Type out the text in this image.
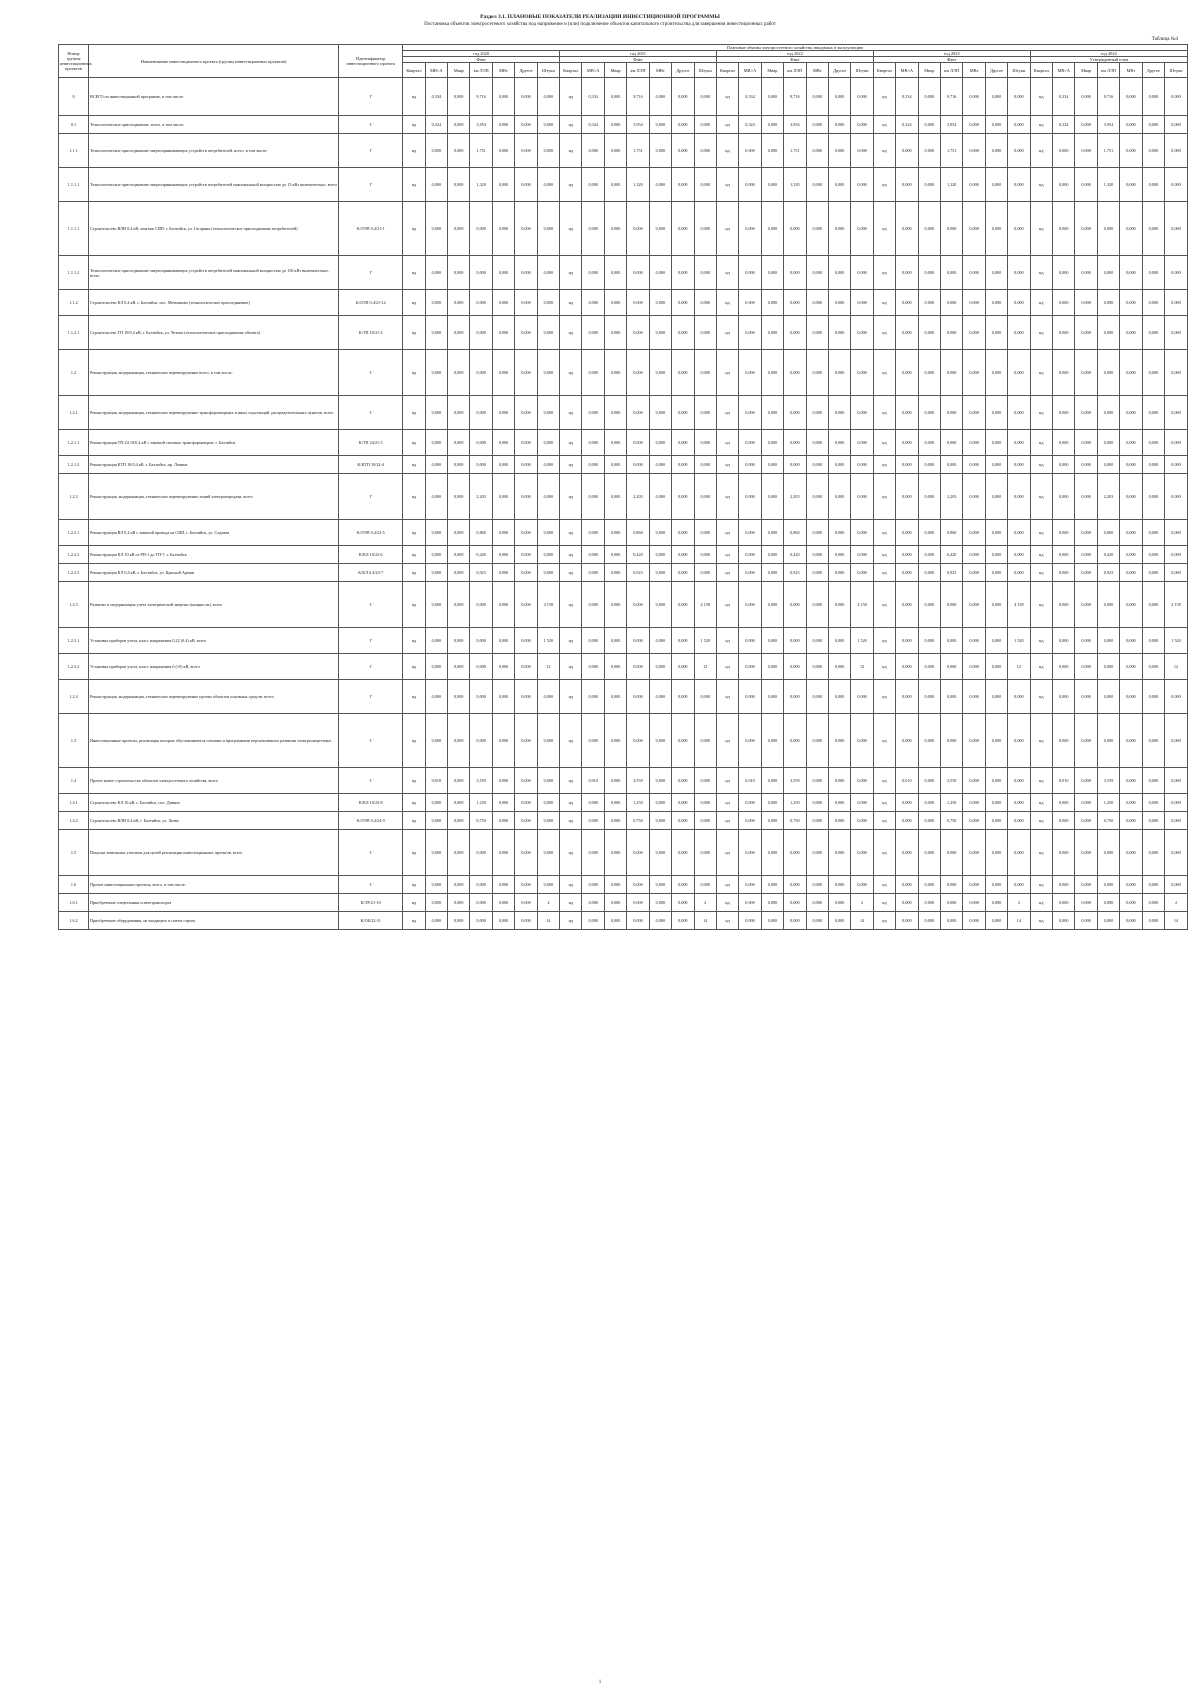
Раздел 3.1. ПЛАНОВЫЕ ПОКАЗАТЕЛИ РЕАЛИЗАЦИИ ИНВЕСТИЦИОННОЙ ПРОГРАММЫ
Постановка объектов электросетевого хозяйства под напряжение и (или) подключение объектов капитального строительства для завершения инвестиционных работ
Таблица №4
Номер группы инвестиционных проектов	Наименование инвестиционного проекта (группы инвестиционных проектов)	Идентификатор инвестиционного проекта	Плановые объемы электросетевого хозяйства, вводимых в эксплуатацию																																		
			год 2020							год 2021							год 2022							год 2023							год 2024						
			Факт							Факт							Факт							Факт							Утвержденный план						
			Квартал	МВ×А	Мвар	км ЛЭП	МВт	Другое	Штуки	Квартал	МВ×А	Мвар	км ЛЭП	МВт	Другое	Штуки	Квартал	МВ×А	Мвар	км ЛЭП	МВт	Другое	Штуки	Квартал	МВ×А	Мвар	км ЛЭП	МВт	Другое	Штуки	Квартал	МВ×А	Мвар	км ЛЭП	МВт	Другое	Штуки
0	ВСЕГО по инвестиционной программе, в том числе:	Г	нд	0,334	0,000	9,716	0,000	0,000	0,000	нд	0,334	0,000	9,716	0,000	0,000	0,000	нд	0,334	0,000	9,716	0,000	0,000	0,000	нд	0,334	0,000	9,716	0,000	0,000	0,000	нд	0,334	0,000	9,716	0,000	0,000	0,000
0.1	Технологическое присоединение, всего, в том числе:	Г	нд	0,324	0,000	3,954	0,000	0,000	0,000	нд	0,324	0,000	3,954	0,000	0,000	0,000	нд	0,324	0,000	3,954	0,000	0,000	0,000	нд	0,324	0,000	3,954	0,000	0,000	0,000	нд	0,324	0,000	3,954	0,000	0,000	0,000
1.1.1	Технологическое присоединение энергопринимающих устройств потребителей, всего, в том числе:	Г	нд	0,000	0,000	1,751	0,000	0,000	0,000	нд	0,000	0,000	1,751	0,000	0,000	0,000	нд	0,000	0,000	1,751	0,000	0,000	0,000	нд	0,000	0,000	1,751	0,000	0,000	0,000	нд	0,000	0,000	1,751	0,000	0,000	0,000
1.1.1.1	Технологическое присоединение энергопринимающих устройств потребителей максимальной мощностью до 15 кВт включительно, всего	Г	нд	0,000	0,000	1,320	0,000	0,000	0,000	нд	0,000	0,000	1,320	0,000	0,000	0,000	нд	0,000	0,000	1,320	0,000	0,000	0,000	нд	0,000	0,000	1,320	0,000	0,000	0,000	нд	0,000	0,000	1,320	0,000	0,000	0,000
1.1.1.1	Строительство ВЛИ 0,4 кВ, монтаж СИП, г. Балтийск, ул. Гагарина (технологическое присоединение потребителей)	K/ЛЭП 0,4/21-1	нд	0,000	0,000	0,000	0,000	0,000	0,000	нд	0,000	0,000	0,000	0,000	0,000	0,000	нд	0,000	0,000	0,000	0,000	0,000	0,000	нд	0,000	0,000	0,000	0,000	0,000	0,000	нд	0,000	0,000	0,000	0,000	0,000	0,000
1.1.1.2	Технологическое присоединение энергопринимающих устройств потребителей максимальной мощностью до 150 кВт включительно, всего	Г	нд	0,000	0,000	0,000	0,000	0,000	0,000	нд	0,000	0,000	0,000	0,000	0,000	0,000	нд	0,000	0,000	0,000	0,000	0,000	0,000	нд	0,000	0,000	0,000	0,000	0,000	0,000	нд	0,000	0,000	0,000	0,000	0,000	0,000
1.1.2	Строительство КЛ 0,4 кВ, г. Балтийск, пос. Мечниково (технологическое присоединение)	K/ЛЭП 0,4/21-12	нд	0,000	0,000	0,000	0,000	0,000	0,000	нд	0,000	0,000	0,000	0,000	0,000	0,000	нд	0,000	0,000	0,000	0,000	0,000	0,000	нд	0,000	0,000	0,000	0,000	0,000	0,000	нд	0,000	0,000	0,000	0,000	0,000	0,000
1.1.2.1	Строительство ТП 10/0,4 кВ, г. Балтийск, ул. Чехова (технологическое присоединение объекта)	K/ТП 10/21-2	нд	0,000	0,000	0,000	0,000	0,000	0,000	нд	0,000	0,000	0,000	0,000	0,000	0,000	нд	0,000	0,000	0,000	0,000	0,000	0,000	нд	0,000	0,000	0,000	0,000	0,000	0,000	нд	0,000	0,000	0,000	0,000	0,000	0,000
1.2	Реконструкция, модернизация, техническое перевооружение всего, в том числе:	Г	нд	0,000	0,000	0,000	0,000	0,000	0,000	нд	0,000	0,000	0,000	0,000	0,000	0,000	нд	0,000	0,000	0,000	0,000	0,000	0,000	нд	0,000	0,000	0,000	0,000	0,000	0,000	нд	0,000	0,000	0,000	0,000	0,000	0,000
1.2.1	Реконструкция, модернизация, техническое перевооружение трансформаторных и иных подстанций, распределительных пунктов, всего	Г	нд	0,000	0,000	0,000	0,000	0,000	0,000	нд	0,000	0,000	0,000	0,000	0,000	0,000	нд	0,000	0,000	0,000	0,000	0,000	0,000	нд	0,000	0,000	0,000	0,000	0,000	0,000	нд	0,000	0,000	0,000	0,000	0,000	0,000
1.2.1.1	Реконструкция ТП-24 10/0,4 кВ с заменой силовых трансформаторов, г. Балтийск	K/ТП 24/21-3	нд	0,000	0,000	0,000	0,000	0,000	0,000	нд	0,000	0,000	0,000	0,000	0,000	0,000	нд	0,000	0,000	0,000	0,000	0,000	0,000	нд	0,000	0,000	0,000	0,000	0,000	0,000	нд	0,000	0,000	0,000	0,000	0,000	0,000
1.2.1.2	Реконструкция КТП 10/0,4 кВ, г. Балтийск, пр. Ленина	K/КТП 10/22-4	нд	0,000	0,000	0,000	0,000	0,000	0,000	нд	0,000	0,000	0,000	0,000	0,000	0,000	нд	0,000	0,000	0,000	0,000	0,000	0,000	нд	0,000	0,000	0,000	0,000	0,000	0,000	нд	0,000	0,000	0,000	0,000	0,000	0,000
1.2.2	Реконструкция, модернизация, техническое перевооружение линий электропередачи, всего	Г	нд	0,000	0,000	2,203	0,000	0,000	0,000	нд	0,000	0,000	2,203	0,000	0,000	0,000	нд	0,000	0,000	2,203	0,000	0,000	0,000	нд	0,000	0,000	2,203	0,000	0,000	0,000	нд	0,000	0,000	2,203	0,000	0,000	0,000
1.2.2.1	Реконструкция ВЛ 0,4 кВ с заменой провода на СИП, г. Балтийск, ул. Садовая	K/ЛЭП 0,4/22-5	нд	0,000	0,000	0,860	0,000	0,000	0,000	нд	0,000	0,000	0,860	0,000	0,000	0,000	нд	0,000	0,000	0,860	0,000	0,000	0,000	нд	0,000	0,000	0,860	0,000	0,000	0,000	нд	0,000	0,000	0,860	0,000	0,000	0,000
1.2.2.2	Реконструкция КЛ 10 кВ от РП-1 до ТП-7, г. Балтийск	K/КЛ 10/22-6	нд	0,000	0,000	0,420	0,000	0,000	0,000	нд	0,000	0,000	0,420	0,000	0,000	0,000	нд	0,000	0,000	0,420	0,000	0,000	0,000	нд	0,000	0,000	0,420	0,000	0,000	0,000	нд	0,000	0,000	0,420	0,000	0,000	0,000
1.2.2.3	Реконструкция КЛ 0,4 кВ, г. Балтийск, ул. Красной Армии	K/КЛ 0,4/23-7	нд	0,000	0,000	0,923	0,000	0,000	0,000	нд	0,000	0,000	0,923	0,000	0,000	0,000	нд	0,000	0,000	0,923	0,000	0,000	0,000	нд	0,000	0,000	0,923	0,000	0,000	0,000	нд	0,000	0,000	0,923	0,000	0,000	0,000
1.2.3	Развитие и модернизация учета электрической энергии (мощности), всего	Г	нд	0,000	0,000	0,000	0,000	0,000	4 158	нд	0,000	0,000	0,000	0,000	0,000	4 158	нд	0,000	0,000	0,000	0,000	0,000	4 158	нд	0,000	0,000	0,000	0,000	0,000	4 158	нд	0,000	0,000	0,000	0,000	0,000	4 158
1.2.3.1	Установка приборов учета, класс напряжения 0,22 (0,4) кВ, всего	Г	нд	0,000	0,000	0,000	0,000	0,000	1 520	нд	0,000	0,000	0,000	0,000	0,000	1 520	нд	0,000	0,000	0,000	0,000	0,000	1 520	нд	0,000	0,000	0,000	0,000	0,000	1 520	нд	0,000	0,000	0,000	0,000	0,000	1 520
1.2.3.2	Установка приборов учета, класс напряжения 6 (10) кВ, всего	Г	нд	0,000	0,000	0,000	0,000	0,000	12	нд	0,000	0,000	0,000	0,000	0,000	12	нд	0,000	0,000	0,000	0,000	0,000	12	нд	0,000	0,000	0,000	0,000	0,000	12	нд	0,000	0,000	0,000	0,000	0,000	12
1.2.4	Реконструкция, модернизация, техническое перевооружение прочих объектов основных средств, всего	Г	нд	0,000	0,000	0,000	0,000	0,000	0,000	нд	0,000	0,000	0,000	0,000	0,000	0,000	нд	0,000	0,000	0,000	0,000	0,000	0,000	нд	0,000	0,000	0,000	0,000	0,000	0,000	нд	0,000	0,000	0,000	0,000	0,000	0,000
1.3	Инвестиционные проекты, реализация которых обуславливается схемами и программами перспективного развития электроэнергетики	Г	нд	0,000	0,000	0,000	0,000	0,000	0,000	нд	0,000	0,000	0,000	0,000	0,000	0,000	нд	0,000	0,000	0,000	0,000	0,000	0,000	нд	0,000	0,000	0,000	0,000	0,000	0,000	нд	0,000	0,000	0,000	0,000	0,000	0,000
1.4	Прочее новое строительство объектов электросетевого хозяйства, всего	Г	нд	0,010	0,000	3,559	0,000	0,000	0,000	нд	0,010	0,000	3,559	0,000	0,000	0,000	нд	0,010	0,000	3,559	0,000	0,000	0,000	нд	0,010	0,000	3,559	0,000	0,000	0,000	нд	0,010	0,000	3,559	0,000	0,000	0,000
1.4.1	Строительство КЛ 10 кВ, г. Балтийск, пос. Дивное	K/КЛ 10/23-8	нд	0,000	0,000	1,250	0,000	0,000	0,000	нд	0,000	0,000	1,250	0,000	0,000	0,000	нд	0,000	0,000	1,250	0,000	0,000	0,000	нд	0,000	0,000	1,250	0,000	0,000	0,000	нд	0,000	0,000	1,250	0,000	0,000	0,000
1.4.2	Строительство ВЛИ 0,4 кВ, г. Балтийск, ул. Литке	K/ЛЭП 0,4/24-9	нд	0,000	0,000	0,750	0,000	0,000	0,000	нд	0,000	0,000	0,750	0,000	0,000	0,000	нд	0,000	0,000	0,750	0,000	0,000	0,000	нд	0,000	0,000	0,750	0,000	0,000	0,000	нд	0,000	0,000	0,750	0,000	0,000	0,000
1.5	Покупка земельных участков для целей реализации инвестиционных проектов, всего	Г	нд	0,000	0,000	0,000	0,000	0,000	0,000	нд	0,000	0,000	0,000	0,000	0,000	0,000	нд	0,000	0,000	0,000	0,000	0,000	0,000	нд	0,000	0,000	0,000	0,000	0,000	0,000	нд	0,000	0,000	0,000	0,000	0,000	0,000
1.6	Прочие инвестиционные проекты, всего, в том числе:	Г	нд	0,000	0,000	0,000	0,000	0,000	0,000	нд	0,000	0,000	0,000	0,000	0,000	0,000	нд	0,000	0,000	0,000	0,000	0,000	0,000	нд	0,000	0,000	0,000	0,000	0,000	0,000	нд	0,000	0,000	0,000	0,000	0,000	0,000
1.6.1	Приобретение спецтехники и автотранспорта	K/ТР/21-10	нд	0,000	0,000	0,000	0,000	0,000	2	нд	0,000	0,000	0,000	0,000	0,000	2	нд	0,000	0,000	0,000	0,000	0,000	2	нд	0,000	0,000	0,000	0,000	0,000	2	нд	0,000	0,000	0,000	0,000	0,000	2
1.6.2	Приобретение оборудования, не входящего в сметы строек	K/ОБ/22-11	нд	0,000	0,000	0,000	0,000	0,000	14	нд	0,000	0,000	0,000	0,000	0,000	14	нд	0,000	0,000	0,000	0,000	0,000	14	нд	0,000	0,000	0,000	0,000	0,000	14	нд	0,000	0,000	0,000	0,000	0,000	14
1
